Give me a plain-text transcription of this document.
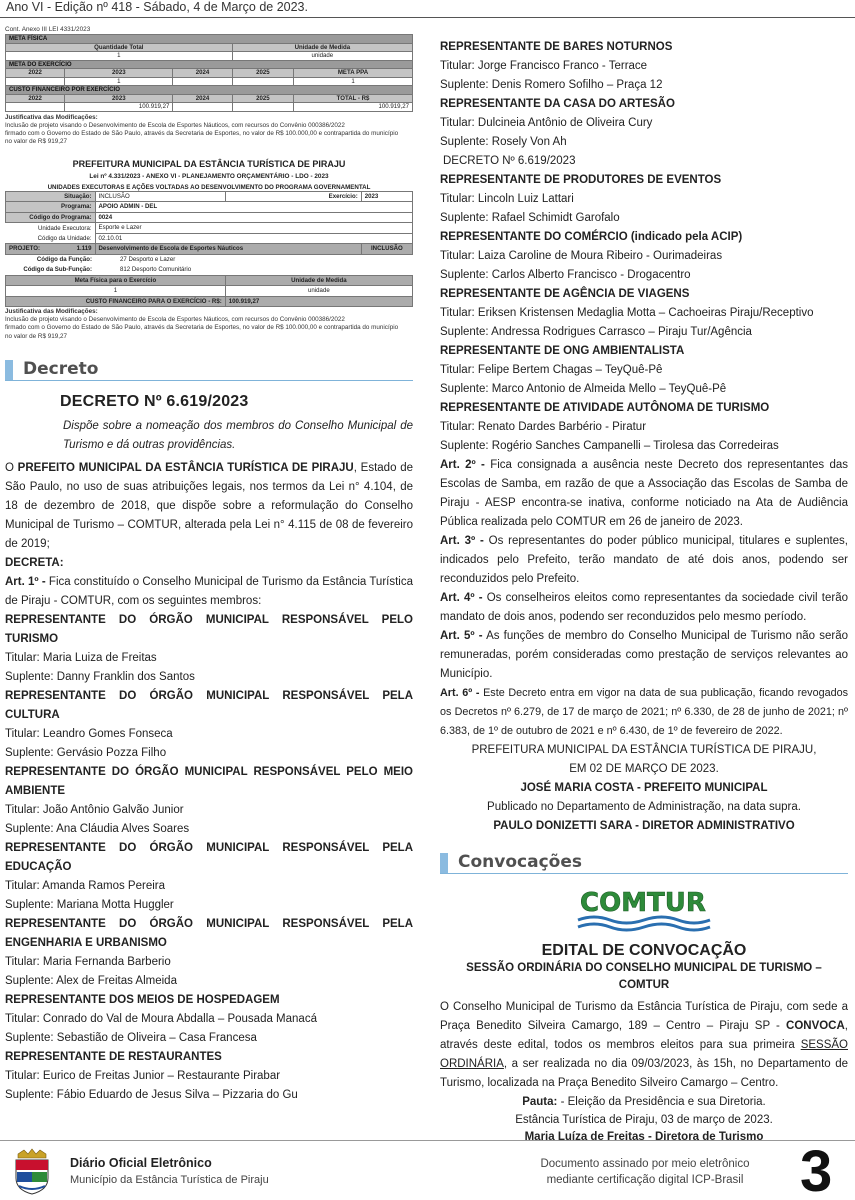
Ano VI - Edição nº 418 - Sábado, 4 de Março de 2023.
Cont. Anexo III LEI 4331/2023
META FÍSICA				
Quantidade Total			Unidade de Medida	
1			unidade	
META DO EXERCÍCIO				
2022	2023	2024	2025	META PPA
	1			1
CUSTO FINANCEIRO POR EXERCÍCIO				
2022	2023	2024	2025	TOTAL - R$
	100.919,27			100.919,27
Justificativa das Modificações:
Inclusão de projeto visando o Desenvolvimento de Escola de Esportes Náuticos, com recursos do Convênio 000386/2022
firmado com o Governo do Estado de São Paulo, através da Secretaria de Esportes, no valor de R$ 100.000,00 e contrapartida do município
no valor de R$ 919,27
PREFEITURA MUNICIPAL DA ESTÂNCIA TURÍSTICA DE PIRAJU
Lei nº 4.331/2023 - ANEXO VI - PLANEJAMENTO ORÇAMENTÁRIO - LDO - 2023
UNIDADES EXECUTORAS E AÇÕES VOLTADAS AO DESENVOLVIMENTO DO PROGRAMA GOVERNAMENTAL
Situação:	INCLUSÃO	Exercício:	2023
Programa:	APOIO ADMIN - DEL		
Código do Programa:	0024		
Unidade Executora:	Esporte e Lazer		
Código da Unidade:	02.10.01		
PROJETO: 1.119	Desenvolvimento de Escola de Esportes Náuticos		INCLUSÃO
Código da Função:	27 Desporto e Lazer		
Código da Sub-Função:	812 Desporto Comunitário		
Meta Física para o Exercício		Unidade de Medida	
1		unidade	
CUSTO FINANCEIRO PARA O EXERCÍCIO - R$:		100.919,27	
Justificativa das Modificações:
Inclusão de projeto visando o Desenvolvimento de Escola de Esportes Náuticos, com recursos do Convênio 000386/2022
firmado com o Governo do Estado de São Paulo, através da Secretaria de Esportes, no valor de R$ 100.000,00 e contrapartida do município
no valor de R$ 919,27
Decreto
DECRETO Nº 6.619/2023
Dispõe sobre a nomeação dos membros do Conselho Municipal de Turismo e dá outras providências.
O PREFEITO MUNICIPAL DA ESTÂNCIA TURÍSTICA DE PIRAJU, Estado de São Paulo, no uso de suas atribuições legais, nos termos da Lei n° 4.104, de 18 de dezembro de 2018, que dispõe sobre a reformulação do Conselho Municipal de Turismo – COMTUR, alterada pela Lei n° 4.115 de 08 de fevereiro de 2019;
DECRETA:
Art. 1º - Fica constituído o Conselho Municipal de Turismo da Estância Turística de Piraju - COMTUR, com os seguintes membros:
REPRESENTANTE DO ÓRGÃO MUNICIPAL RESPONSÁVEL PELO TURISMO
Titular: Maria Luiza de Freitas
Suplente: Danny Franklin dos Santos
REPRESENTANTE DO ÓRGÃO MUNICIPAL RESPONSÁVEL PELA CULTURA
Titular: Leandro Gomes Fonseca
Suplente: Gervásio Pozza Filho
REPRESENTANTE DO ÓRGÃO MUNICIPAL RESPONSÁVEL PELO MEIO AMBIENTE
Titular: João Antônio Galvão Junior
Suplente: Ana Cláudia Alves Soares
REPRESENTANTE DO ÓRGÃO MUNICIPAL RESPONSÁVEL PELA EDUCAÇÃO
Titular: Amanda Ramos Pereira
Suplente: Mariana Motta Huggler
REPRESENTANTE DO ÓRGÃO MUNICIPAL RESPONSÁVEL PELA ENGENHARIA E URBANISMO
Titular: Maria Fernanda Barberio
Suplente: Alex de Freitas Almeida
REPRESENTANTE DOS MEIOS DE HOSPEDAGEM
Titular: Conrado do Val de Moura Abdalla – Pousada Manacá
Suplente: Sebastião de Oliveira – Casa Francesa
REPRESENTANTE DE RESTAURANTES
Titular: Eurico de Freitas Junior – Restaurante Pirabar
Suplente: Fábio Eduardo de Jesus Silva – Pizzaria do Gu
REPRESENTANTE DE BARES NOTURNOS
Titular: Jorge Francisco Franco - Terrace
Suplente: Denis Romero Sofilho – Praça 12
REPRESENTANTE DA CASA DO ARTESÃO
Titular: Dulcineia Antônio de Oliveira Cury
Suplente: Rosely Von Ah
DECRETO Nº 6.619/2023
REPRESENTANTE DE PRODUTORES DE EVENTOS
Titular: Lincoln Luiz Lattari
Suplente: Rafael Schimidt Garofalo
REPRESENTANTE DO COMÉRCIO (indicado pela ACIP)
Titular: Laiza Caroline de Moura Ribeiro - Ourimadeiras
Suplente: Carlos Alberto Francisco - Drogacentro
REPRESENTANTE DE AGÊNCIA DE VIAGENS
Titular: Eriksen Kristensen Medaglia Motta – Cachoeiras Piraju/Receptivo
Suplente: Andressa Rodrigues Carrasco – Piraju Tur/Agência
REPRESENTANTE DE ONG AMBIENTALISTA
Titular: Felipe Bertem Chagas – TeyQuê-Pê
Suplente: Marco Antonio de Almeida Mello – TeyQuê-Pê
REPRESENTANTE DE ATIVIDADE AUTÔNOMA DE TURISMO
Titular: Renato Dardes Barbério - Piratur
Suplente: Rogério Sanches Campanelli – Tirolesa das Corredeiras
Art. 2º - Fica consignada a ausência neste Decreto dos representantes das Escolas de Samba, em razão de que a Associação das Escolas de Samba de Piraju - AESP encontra-se inativa, conforme noticiado na Ata de Audiência Pública realizada pelo COMTUR em 26 de janeiro de 2023.
Art. 3º - Os representantes do poder público municipal, titulares e suplentes, indicados pelo Prefeito, terão mandato de até dois anos, podendo ser reconduzidos pelo Prefeito.
Art. 4º - Os conselheiros eleitos como representantes da sociedade civil terão mandato de dois anos, podendo ser reconduzidos pelo mesmo período.
Art. 5º - As funções de membro do Conselho Municipal de Turismo não serão remuneradas, porém consideradas como prestação de serviços relevantes ao Município.
Art. 6º - Este Decreto entra em vigor na data de sua publicação, ficando revogados os Decretos nº 6.279, de 17 de março de 2021; nº 6.330, de 28 de junho de 2021; nº 6.383, de 1º de outubro de 2021 e nº 6.430, de 1º de fevereiro de 2022.
PREFEITURA MUNICIPAL DA ESTÂNCIA TURÍSTICA DE PIRAJU,
EM 02 DE MARÇO DE 2023.
JOSÉ MARIA COSTA - PREFEITO MUNICIPAL
Publicado no Departamento de Administração, na data supra.
PAULO DONIZETTI SARA - DIRETOR ADMINISTRATIVO
Convocações
COMTUR
EDITAL DE CONVOCAÇÃO
SESSÃO ORDINÁRIA DO CONSELHO MUNICIPAL DE TURISMO – COMTUR
O Conselho Municipal de Turismo da Estância Turística de Piraju, com sede a Praça Benedito Silveira Camargo, 189 – Centro – Piraju SP - CONVOCA, através deste edital, todos os membros eleitos para sua primeira SESSÃO ORDINÁRIA, a ser realizada no dia 09/03/2023, às 15h, no Departamento de Turismo, localizada na Praça Benedito Silveiro Camargo – Centro.
Pauta: - Eleição da Presidência e sua Diretoria.
Estância Turística de Piraju, 03 de março de 2023.
Maria Luíza de Freitas - Diretora de Turismo
Diário Oficial Eletrônico
Município da Estância Turística de Piraju
Documento assinado por meio eletrônico
mediante certificação digital ICP-Brasil 3
